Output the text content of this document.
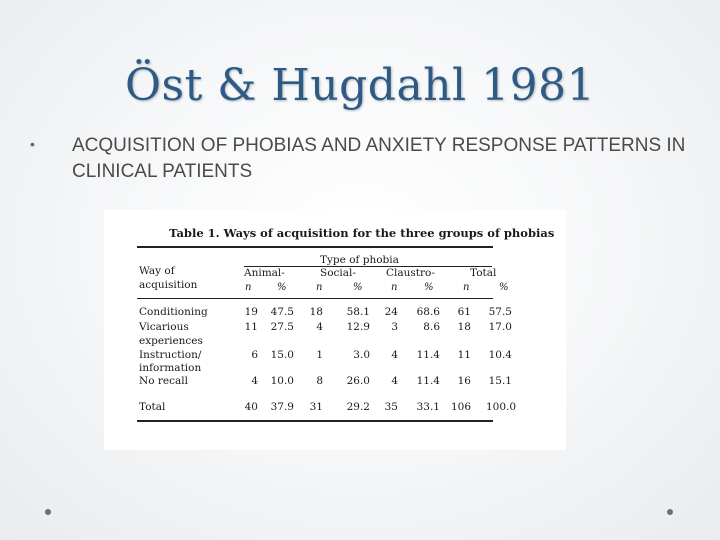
Öst & Hugdahl 1981
• ACQUISITION OF PHOBIAS AND ANXIETY RESPONSE PATTERNS IN CLINICAL PATIENTS
Table 1. Ways of acquisition for the three groups of phobias
Way of
acquisition
Type of phobia
Animal-	Social-	Claustro-	Total
n	%	n	%	n	%	n	%
Conditioning	19	47.5	18	58.1	24	68.6	61	57.5
Vicarious
experiences
11	27.5	4	12.9	3	8.6	18	17.0
Instruction/
information
6	15.0	1	3.0	4	11.4	11	10.4
No recall	4	10.0	8	26.0	4	11.4	16	15.1
Total	40	37.9	31	29.2	35	33.1	106 100.0
